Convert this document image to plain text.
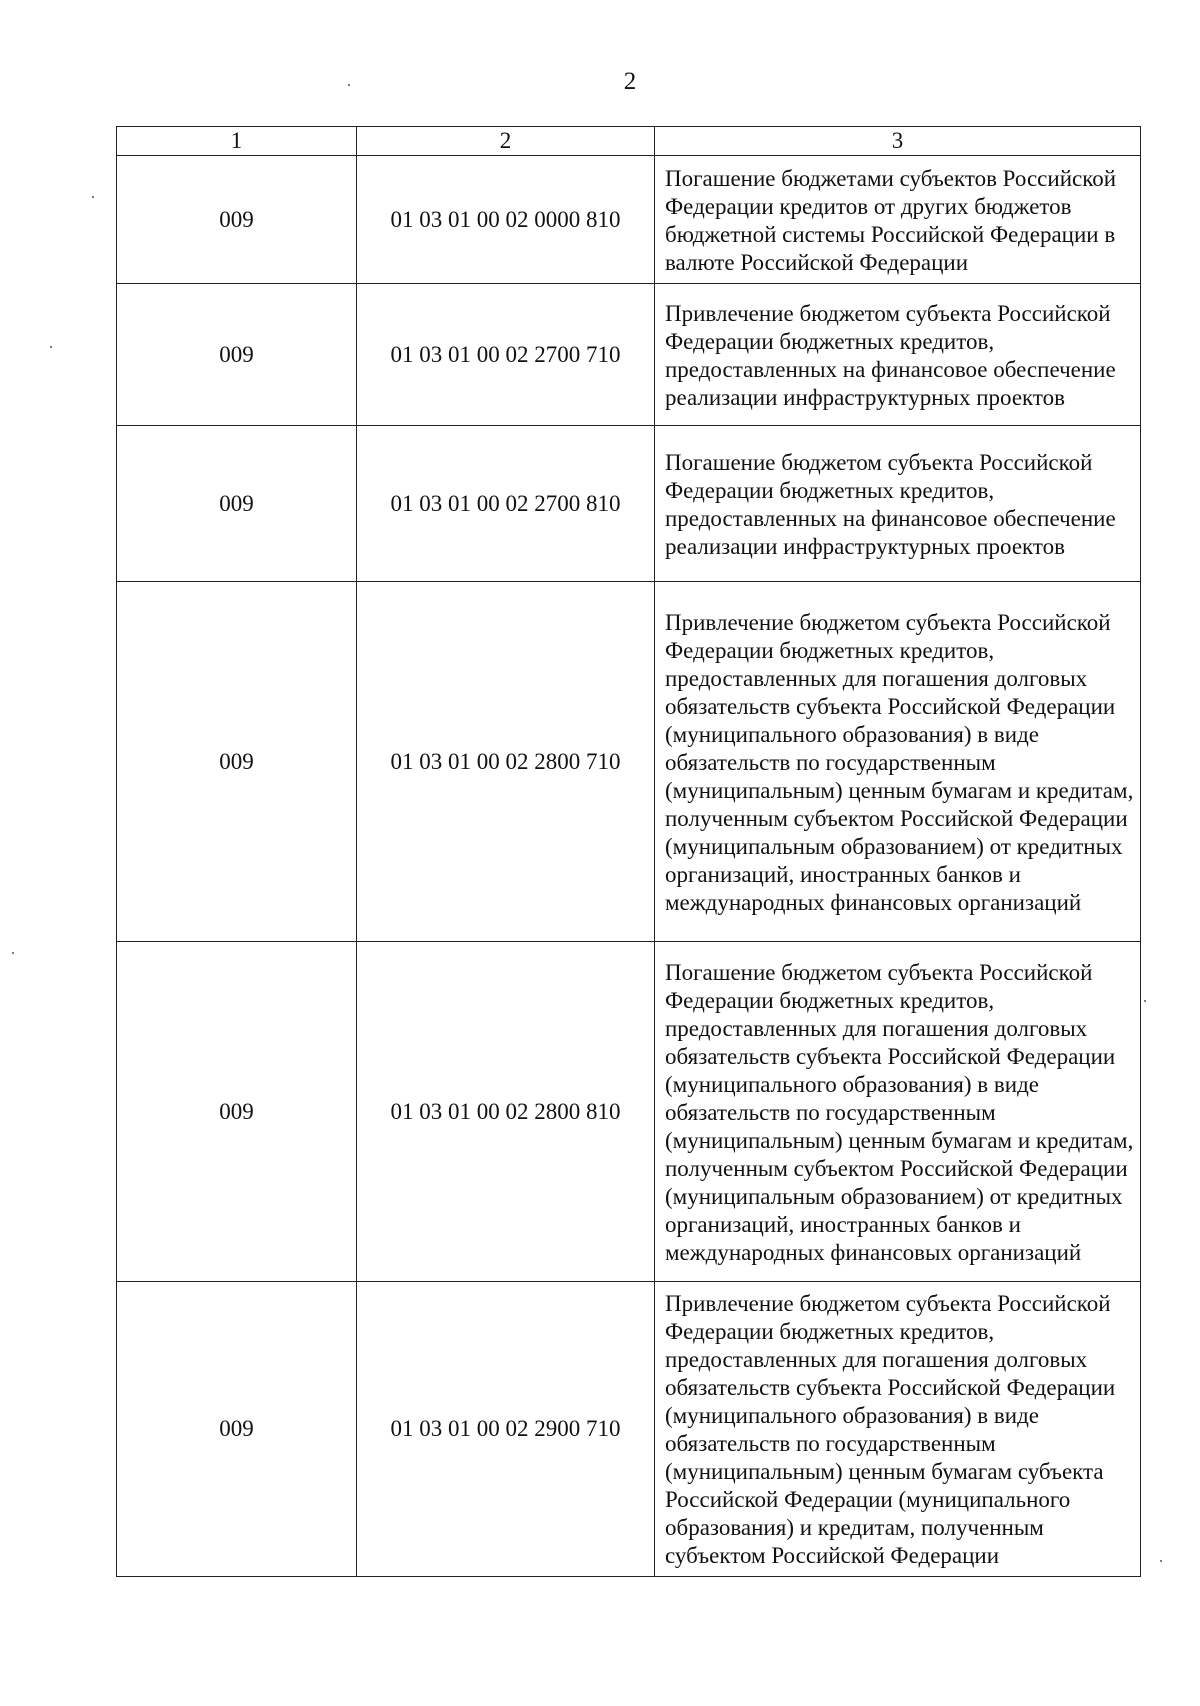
2
1	2	3
009	01 03 01 00 02 0000 810	Погашение бюджетами субъектов Российской Федерации кредитов от других бюджетов бюджетной системы Российской Федерации в валюте Российской Федерации
009	01 03 01 00 02 2700 710	Привлечение бюджетом субъекта Российской Федерации бюджетных кредитов, предоставленных на финансовое обеспечение реализации инфраструктурных проектов
009	01 03 01 00 02 2700 810	Погашение бюджетом субъекта Российской Федерации бюджетных кредитов, предоставленных на финансовое обеспечение реализации инфраструктурных проектов
009	01 03 01 00 02 2800 710	Привлечение бюджетом субъекта Российской Федерации бюджетных кредитов, предоставленных для погашения долговых обязательств субъекта Российской Федерации (муниципального образования) в виде обязательств по государственным (муниципальным) ценным бумагам и кредитам, полученным субъектом Российской Федерации (муниципальным образованием) от кредитных организаций, иностранных банков и международных финансовых организаций
009	01 03 01 00 02 2800 810	Погашение бюджетом субъекта Российской Федерации бюджетных кредитов, предоставленных для погашения долговых обязательств субъекта Российской Федерации (муниципального образования) в виде обязательств по государственным (муниципальным) ценным бумагам и кредитам, полученным субъектом Российской Федерации (муниципальным образованием) от кредитных организаций, иностранных банков и международных финансовых организаций
009	01 03 01 00 02 2900 710	Привлечение бюджетом субъекта Российской Федерации бюджетных кредитов, предоставленных для погашения долговых обязательств субъекта Российской Федерации (муниципального образования) в виде обязательств по государственным (муниципальным) ценным бумагам субъекта Российской Федерации (муниципального образования) и кредитам, полученным субъектом Российской Федерации
